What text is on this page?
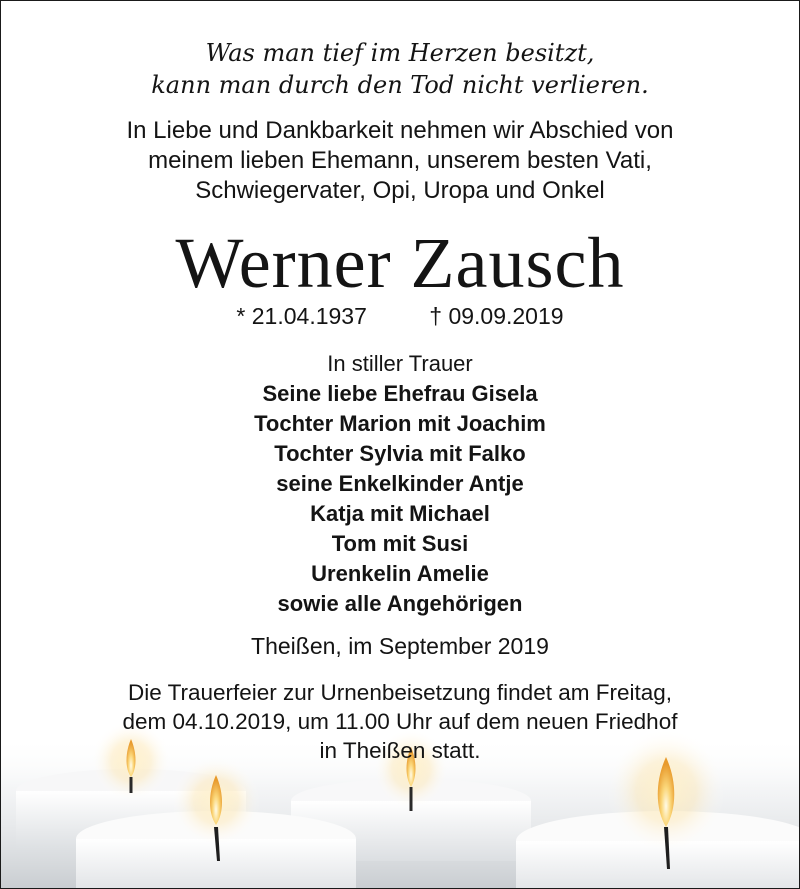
Was man tief im Herzen besitzt,
kann man durch den Tod nicht verlieren.
In Liebe und Dankbarkeit nehmen wir Abschied von
meinem lieben Ehemann, unserem besten Vati,
Schwiegervater, Opi, Uropa und Onkel
Werner Zausch
* 21.04.1937	† 09.09.2019
In stiller Trauer
Seine liebe Ehefrau Gisela
Tochter Marion mit Joachim
Tochter Sylvia mit Falko
seine Enkelkinder Antje
Katja mit Michael
Tom mit Susi
Urenkelin Amelie
sowie alle Angehörigen
Theißen, im September 2019
Die Trauerfeier zur Urnenbeisetzung findet am Freitag,
dem 04.10.2019, um 11.00 Uhr auf dem neuen Friedhof
in Theißen statt.
